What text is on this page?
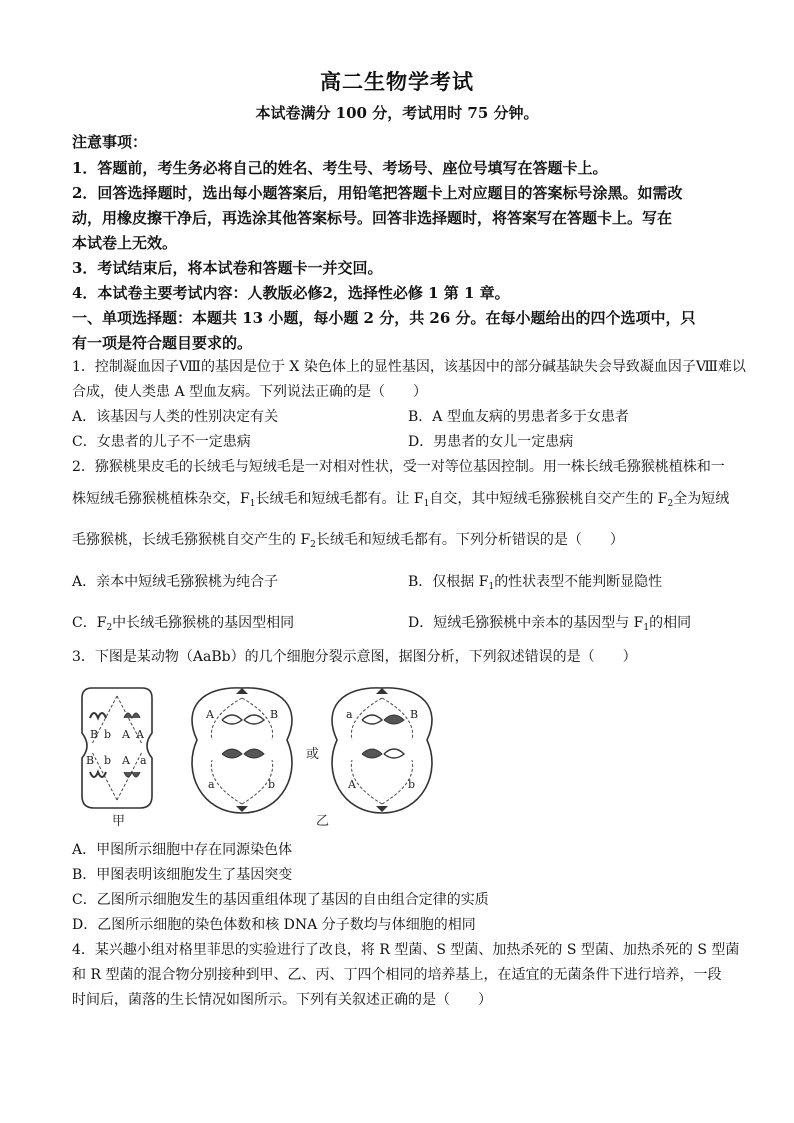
高二生物学考试
本试卷满分 100 分，考试用时 75 分钟。
注意事项：
1．答题前，考生务必将自己的姓名、考生号、考场号、座位号填写在答题卡上。
2．回答选择题时，选出每小题答案后，用铅笔把答题卡上对应题目的答案标号涂黑。如需改
动，用橡皮擦干净后，再选涂其他答案标号。回答非选择题时，将答案写在答题卡上。写在
本试卷上无效。
3．考试结束后，将本试卷和答题卡一并交回。
4．本试卷主要考试内容：人教版必修2，选择性必修 1 第 1 章。
一、单项选择题：本题共 13 小题，每小题 2 分，共 26 分。在每小题给出的四个选项中，只
有一项是符合题目要求的。
1．控制凝血因子Ⅷ的基因是位于 X 染色体上的显性基因，该基因中的部分碱基缺失会导致凝血因子Ⅷ难以
合成，使人类患 A 型血友病。下列说法正确的是（　　）
A．该基因与人类的性别决定有关	B．A 型血友病的男患者多于女患者
C．女患者的儿子不一定患病	D．男患者的女儿一定患病
2．猕猴桃果皮毛的长绒毛与短绒毛是一对相对性状，受一对等位基因控制。用一株长绒毛猕猴桃植株和一
株短绒毛猕猴桃植株杂交，$F_1$长绒毛和短绒毛都有。让 $F_1$自交，其中短绒毛猕猴桃自交产生的 $F_2$全为短绒
毛猕猴桃，长绒毛猕猴桃自交产生的 $F_2$长绒毛和短绒毛都有。下列分析错误的是（　　）
A．亲本中短绒毛猕猴桃为纯合子	B．仅根据 $F_1$的性状表型不能判断显隐性
C．$F_2$中长绒毛猕猴桃的基因型相同	D．短绒毛猕猴桃中亲本的基因型与 $F_1$的相同
3．下图是某动物（AaBb）的几个细胞分裂示意图，据图分析，下列叙述错误的是（　　）
B b A A
B b A a
甲
A	B
a	b
或
a	B
A	b
乙
A．甲图所示细胞中存在同源染色体
B．甲图表明该细胞发生了基因突变
C．乙图所示细胞发生的基因重组体现了基因的自由组合定律的实质
D．乙图所示细胞的染色体数和核 DNA 分子数均与体细胞的相同
4．某兴趣小组对格里菲思的实验进行了改良，将 R 型菌、S 型菌、加热杀死的 S 型菌、加热杀死的 S 型菌
和 R 型菌的混合物分别接种到甲、乙、丙、丁四个相同的培养基上，在适宜的无菌条件下进行培养，一段
时间后，菌落的生长情况如图所示。下列有关叙述正确的是（　　）
